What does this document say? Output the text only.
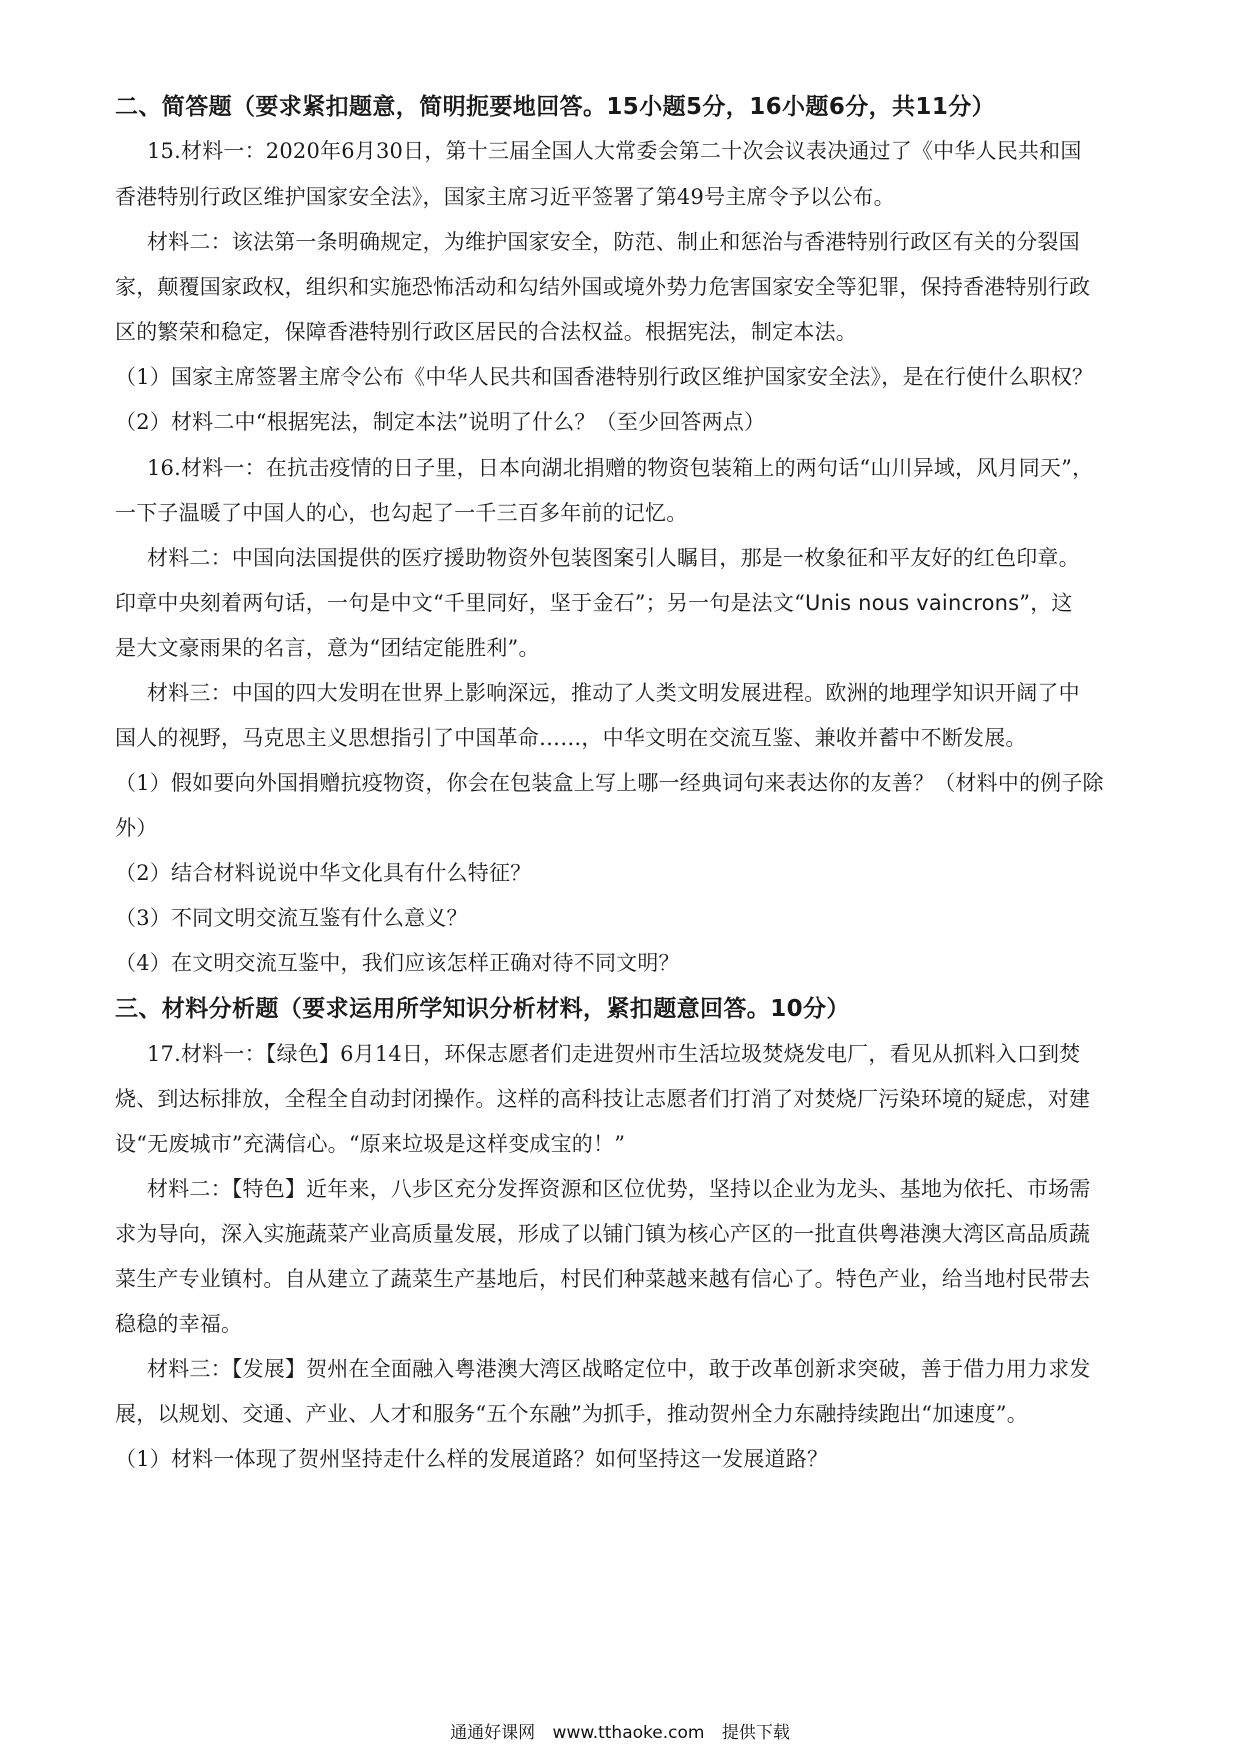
二、简答题（要求紧扣题意，简明扼要地回答。15小题5分，16小题6分，共11分）
15.材料一：2020年6月30日，第十三届全国人大常委会第二十次会议表决通过了《中华人民共和国
香港特别行政区维护国家安全法》，国家主席习近平签署了第49号主席令予以公布。
材料二：该法第一条明确规定，为维护国家安全，防范、制止和惩治与香港特别行政区有关的分裂国
家，颠覆国家政权，组织和实施恐怖活动和勾结外国或境外势力危害国家安全等犯罪，保持香港特别行政
区的繁荣和稳定，保障香港特别行政区居民的合法权益。根据宪法，制定本法。
（1）国家主席签署主席令公布《中华人民共和国香港特别行政区维护国家安全法》，是在行使什么职权？
（2）材料二中“根据宪法，制定本法”说明了什么？（至少回答两点）
16.材料一：在抗击疫情的日子里，日本向湖北捐赠的物资包装箱上的两句话“山川异域，风月同天”，
一下子温暖了中国人的心，也勾起了一千三百多年前的记忆。
材料二：中国向法国提供的医疗援助物资外包装图案引人瞩目，那是一枚象征和平友好的红色印章。
印章中央刻着两句话，一句是中文“千里同好，坚于金石”；另一句是法文“Unis nous vaincrons”，这
是大文豪雨果的名言，意为“团结定能胜利”。
材料三：中国的四大发明在世界上影响深远，推动了人类文明发展进程。欧洲的地理学知识开阔了中
国人的视野，马克思主义思想指引了中国革命……，中华文明在交流互鉴、兼收并蓄中不断发展。
（1）假如要向外国捐赠抗疫物资，你会在包装盒上写上哪一经典词句来表达你的友善？（材料中的例子除
外）
（2）结合材料说说中华文化具有什么特征？
（3）不同文明交流互鉴有什么意义？
（4）在文明交流互鉴中，我们应该怎样正确对待不同文明？
三、材料分析题（要求运用所学知识分析材料，紧扣题意回答。10分）
17.材料一：【绿色】6月14日，环保志愿者们走进贺州市生活垃圾焚烧发电厂，看见从抓料入口到焚
烧、到达标排放，全程全自动封闭操作。这样的高科技让志愿者们打消了对焚烧厂污染环境的疑虑，对建
设“无废城市”充满信心。“原来垃圾是这样变成宝的！”
材料二：【特色】近年来，八步区充分发挥资源和区位优势，坚持以企业为龙头、基地为依托、市场需
求为导向，深入实施蔬菜产业高质量发展，形成了以铺门镇为核心产区的一批直供粤港澳大湾区高品质蔬
菜生产专业镇村。自从建立了蔬菜生产基地后，村民们种菜越来越有信心了。特色产业，给当地村民带去
稳稳的幸福。
材料三：【发展】贺州在全面融入粤港澳大湾区战略定位中，敢于改革创新求突破，善于借力用力求发
展，以规划、交通、产业、人才和服务“五个东融”为抓手，推动贺州全力东融持续跑出“加速度”。
（1）材料一体现了贺州坚持走什么样的发展道路？如何坚持这一发展道路？
通通好课网 www.tthaoke.com 提供下载
